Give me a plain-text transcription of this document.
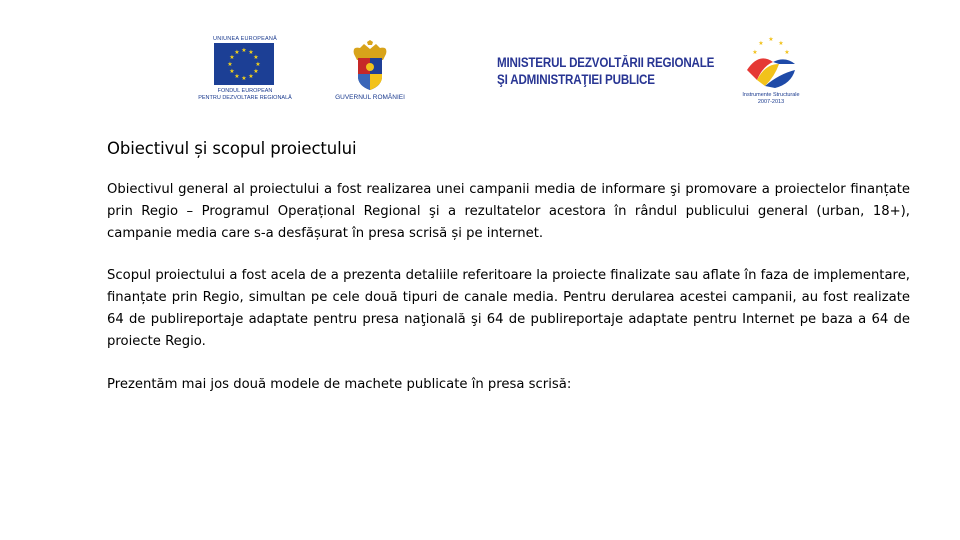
UNIUNEA EUROPEANĂ
★ ★
★
★
★
★
★
★
★
★
★
★
FONDUL EUROPEAN
PENTRU DEZVOLTARE REGIONALĂ	GUVERNUL ROMÂNIEI
MINISTERUL DEZVOLTĂRII REGIONALE
ŞI ADMINISTRAŢIEI PUBLICE
★
★
★
★
★
Instrumente Structurale
2007-2013
Obiectivul și scopul proiectului

Obiectivul general al proiectului a fost realizarea unei campanii media de informare şi promovare a proiectelor finanțate prin Regio – Programul Operațional Regional şi a rezultatelor acestora în rândul publicului general (urban, 18+), campanie media care s-a desfășurat în presa scrisă și pe internet.

Scopul proiectului a fost acela de a prezenta detaliile referitoare la proiecte finalizate sau aflate în faza de implementare, finanțate prin Regio, simultan pe cele două tipuri de canale media. Pentru derularea acestei campanii, au fost realizate 64 de publireportaje adaptate pentru presa naţională şi 64 de publireportaje adaptate pentru Internet pe baza a 64 de proiecte Regio.

Prezentăm mai jos două modele de machete publicate în presa scrisă:
